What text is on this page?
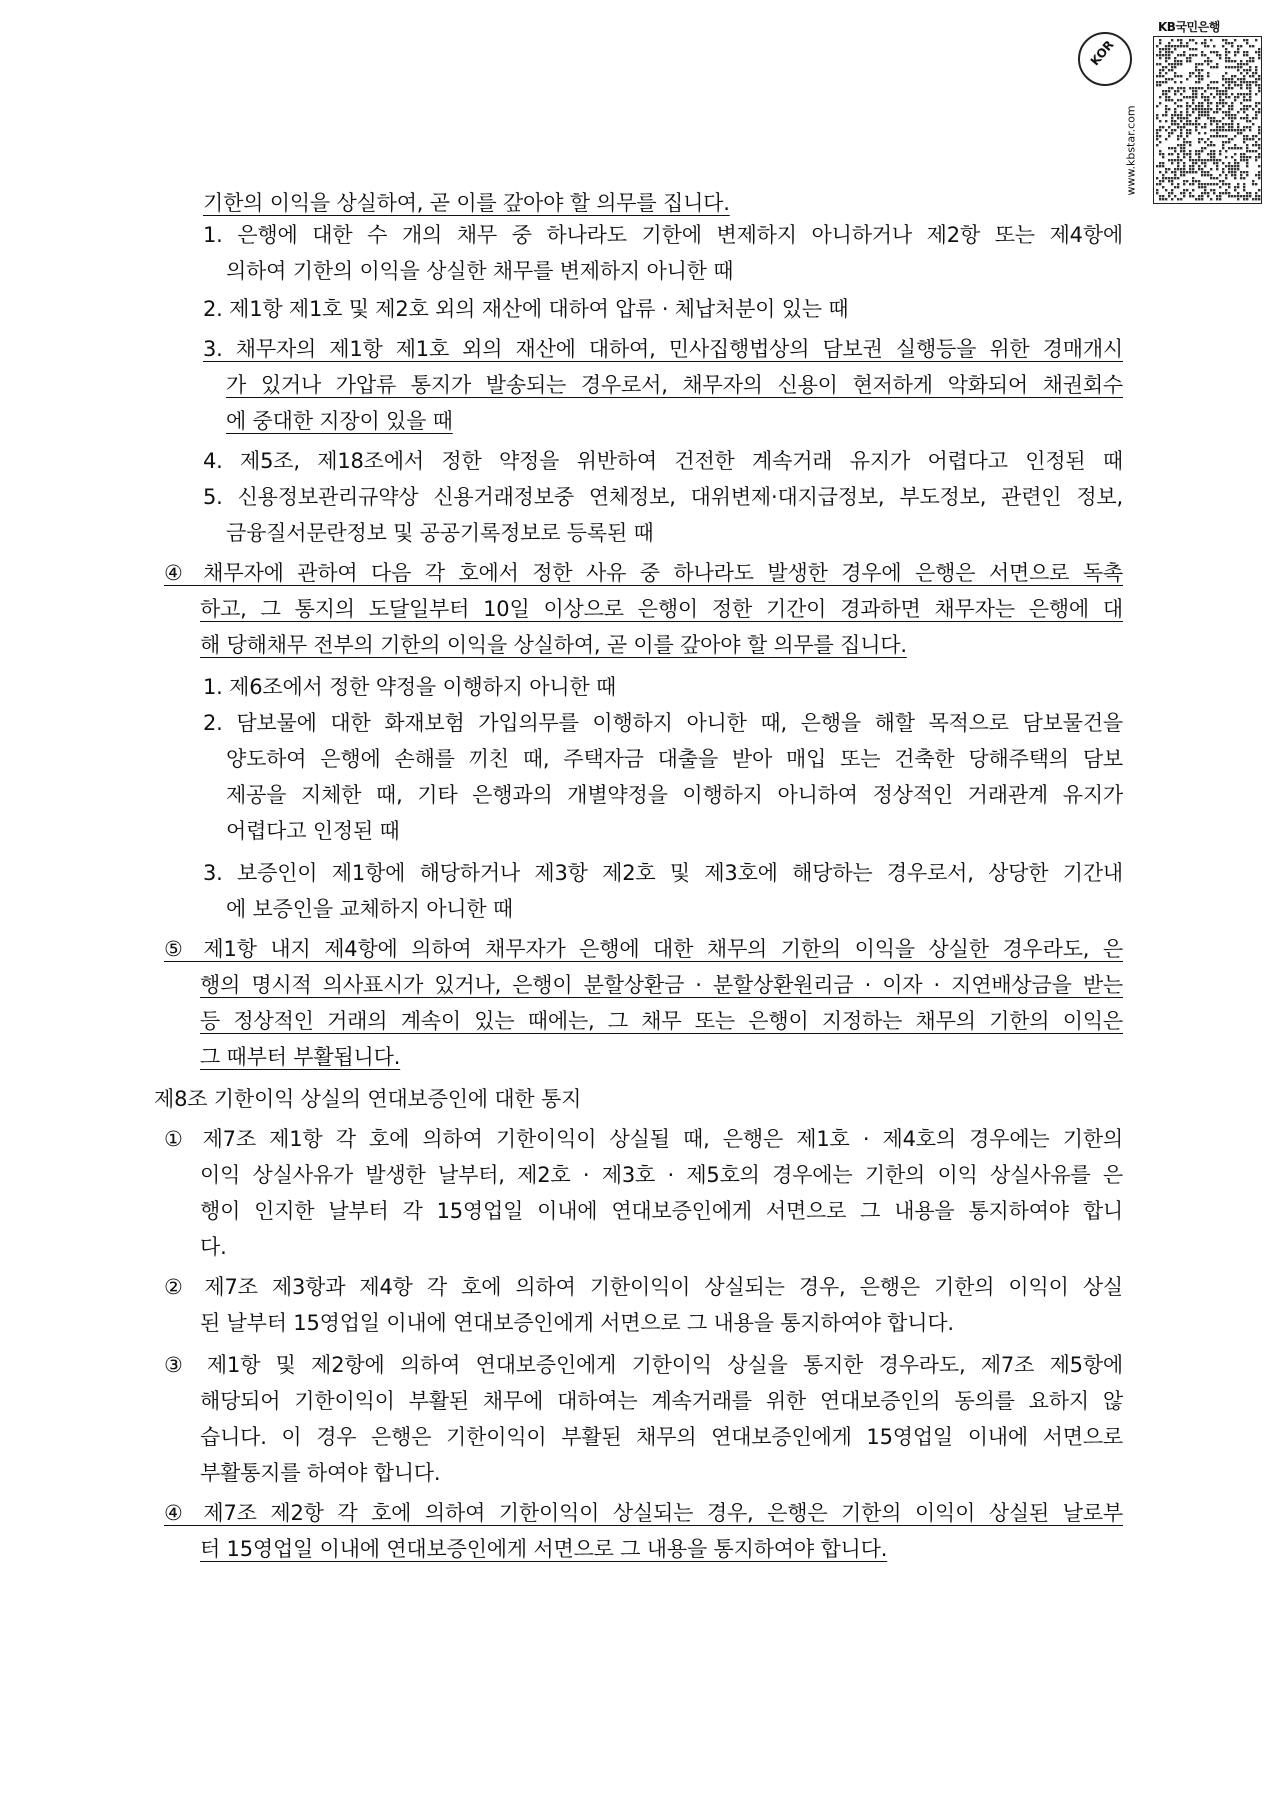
KOR
www.kbstar.com
KB국민은행
기한의 이익을 상실하여, 곧 이를 갚아야 할 의무를 집니다.
1. 은행에 대한 수 개의 채무 중 하나라도 기한에 변제하지 아니하거나 제2항 또는 제4항에
의하여 기한의 이익을 상실한 채무를 변제하지 아니한 때
2. 제1항 제1호 및 제2호 외의 재산에 대하여 압류 · 체납처분이 있는 때
3. 채무자의 제1항 제1호 외의 재산에 대하여, 민사집행법상의 담보권 실행등을 위한 경매개시
가 있거나 가압류 통지가 발송되는 경우로서, 채무자의 신용이 현저하게 악화되어 채권회수
에 중대한 지장이 있을 때
4. 제5조, 제18조에서 정한 약정을 위반하여 건전한 계속거래 유지가 어렵다고 인정된 때
5. 신용정보관리규약상 신용거래정보중 연체정보, 대위변제·대지급정보, 부도정보, 관련인 정보,
금융질서문란정보 및 공공기록정보로 등록된 때
④ 채무자에 관하여 다음 각 호에서 정한 사유 중 하나라도 발생한 경우에 은행은 서면으로 독촉
하고, 그 통지의 도달일부터 10일 이상으로 은행이 정한 기간이 경과하면 채무자는 은행에 대
해 당해채무 전부의 기한의 이익을 상실하여, 곧 이를 갚아야 할 의무를 집니다.
1. 제6조에서 정한 약정을 이행하지 아니한 때
2. 담보물에 대한 화재보험 가입의무를 이행하지 아니한 때, 은행을 해할 목적으로 담보물건을
양도하여 은행에 손해를 끼친 때, 주택자금 대출을 받아 매입 또는 건축한 당해주택의 담보
제공을 지체한 때, 기타 은행과의 개별약정을 이행하지 아니하여 정상적인 거래관계 유지가
어렵다고 인정된 때
3. 보증인이 제1항에 해당하거나 제3항 제2호 및 제3호에 해당하는 경우로서, 상당한 기간내
에 보증인을 교체하지 아니한 때
⑤ 제1항 내지 제4항에 의하여 채무자가 은행에 대한 채무의 기한의 이익을 상실한 경우라도, 은
행의 명시적 의사표시가 있거나, 은행이 분할상환금 · 분할상환원리금 · 이자 · 지연배상금을 받는
등 정상적인 거래의 계속이 있는 때에는, 그 채무 또는 은행이 지정하는 채무의 기한의 이익은
그 때부터 부활됩니다.
제8조 기한이익 상실의 연대보증인에 대한 통지
① 제7조 제1항 각 호에 의하여 기한이익이 상실될 때, 은행은 제1호 · 제4호의 경우에는 기한의
이익 상실사유가 발생한 날부터, 제2호 · 제3호 · 제5호의 경우에는 기한의 이익 상실사유를 은
행이 인지한 날부터 각 15영업일 이내에 연대보증인에게 서면으로 그 내용을 통지하여야 합니
다.
② 제7조 제3항과 제4항 각 호에 의하여 기한이익이 상실되는 경우, 은행은 기한의 이익이 상실
된 날부터 15영업일 이내에 연대보증인에게 서면으로 그 내용을 통지하여야 합니다.
③ 제1항 및 제2항에 의하여 연대보증인에게 기한이익 상실을 통지한 경우라도, 제7조 제5항에
해당되어 기한이익이 부활된 채무에 대하여는 계속거래를 위한 연대보증인의 동의를 요하지 않
습니다. 이 경우 은행은 기한이익이 부활된 채무의 연대보증인에게 15영업일 이내에 서면으로
부활통지를 하여야 합니다.
④ 제7조 제2항 각 호에 의하여 기한이익이 상실되는 경우, 은행은 기한의 이익이 상실된 날로부
터 15영업일 이내에 연대보증인에게 서면으로 그 내용을 통지하여야 합니다.
